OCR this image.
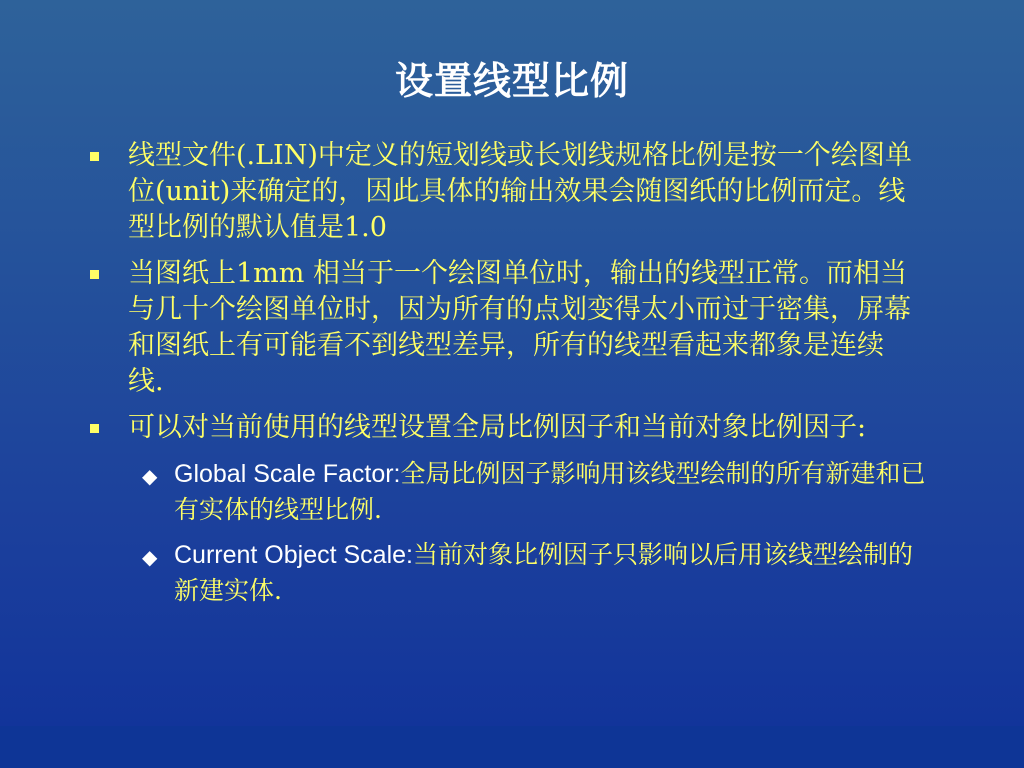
设置线型比例
线型文件(.LIN)中定义的短划线或长划线规格比例是按一个绘图单位(unit)来确定的，因此具体的输出效果会随图纸的比例而定。线型比例的默认值是1.0
当图纸上1mm 相当于一个绘图单位时，输出的线型正常。而相当与几十个绘图单位时，因为所有的点划变得太小而过于密集，屏幕和图纸上有可能看不到线型差异，所有的线型看起来都象是连续线.
可以对当前使用的线型设置全局比例因子和当前对象比例因子:
◆ Global Scale Factor:全局比例因子影响用该线型绘制的所有新建和已有实体的线型比例.
◆ Current Object Scale:当前对象比例因子只影响以后用该线型绘制的新建实体.
